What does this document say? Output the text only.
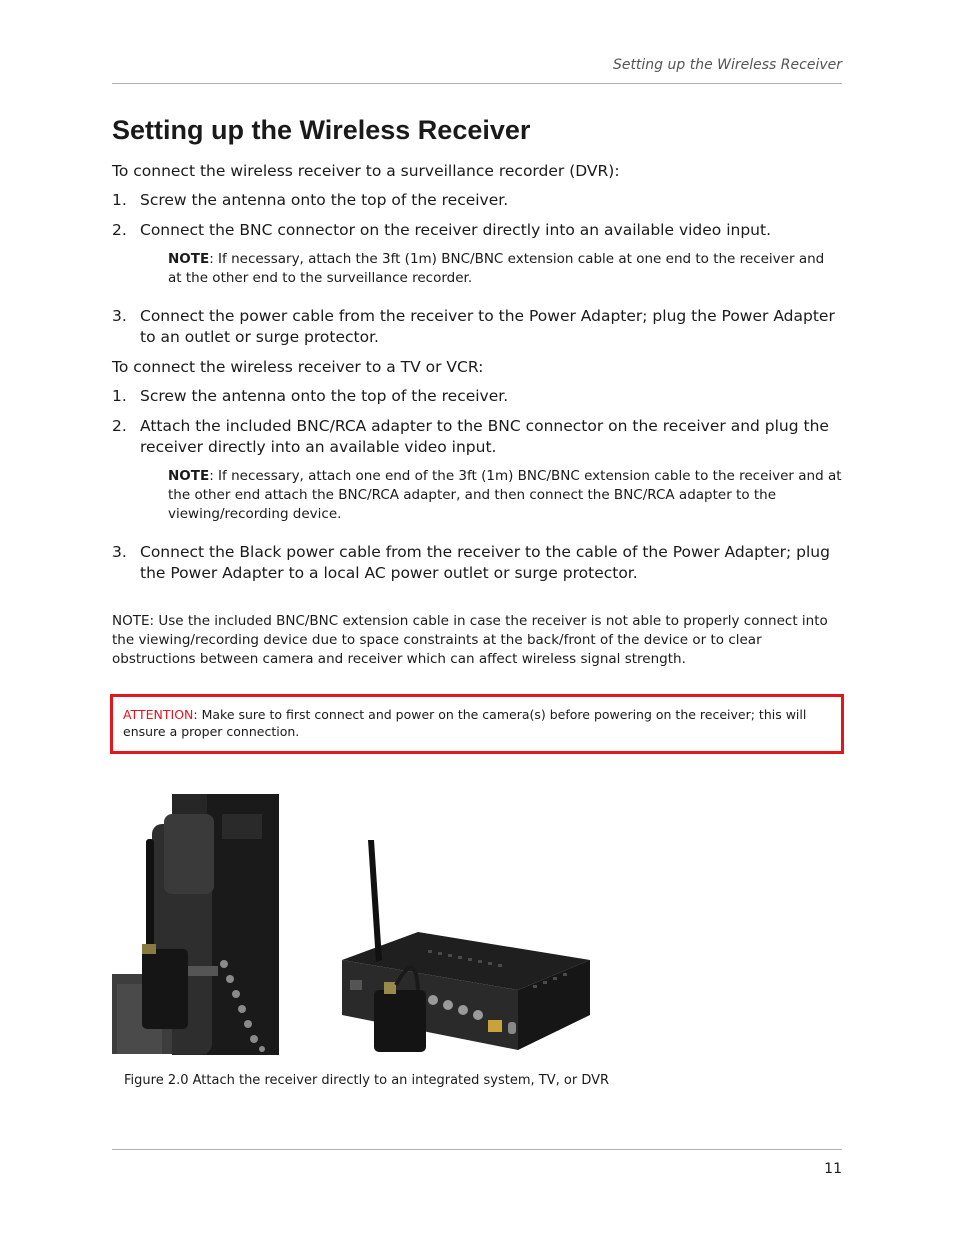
Setting up the Wireless Receiver
Setting up the Wireless Receiver
To connect the wireless receiver to a surveillance recorder (DVR):
1. Screw the antenna onto the top of the receiver.
2. Connect the BNC connector on the receiver directly into an available video input.
NOTE: If necessary, attach the 3ft (1m) BNC/BNC extension cable at one end to the receiver and at the other end to the surveillance recorder.
3. Connect the power cable from the receiver to the Power Adapter; plug the Power Adapter to an outlet or surge protector.
To connect the wireless receiver to a TV or VCR:
1. Screw the antenna onto the top of the receiver.
2. Attach the included BNC/RCA adapter to the BNC connector on the receiver and plug the receiver directly into an available video input.
NOTE: If necessary, attach one end of the 3ft (1m) BNC/BNC extension cable to the receiver and at the other end attach the BNC/RCA adapter, and then connect the BNC/RCA adapter to the viewing/recording device.
3. Connect the Black power cable from the receiver to the cable of the Power Adapter; plug the Power Adapter to a local AC power outlet or surge protector.
NOTE: Use the included BNC/BNC extension cable in case the receiver is not able to properly connect into the viewing/recording device due to space constraints at the back/front of the device or to clear obstructions between camera and receiver which can affect wireless signal strength.
ATTENTION: Make sure to first connect and power on the camera(s) before powering on the receiver; this will ensure a proper connection.
Figure 2.0 Attach the receiver directly to an integrated system, TV, or DVR
11
